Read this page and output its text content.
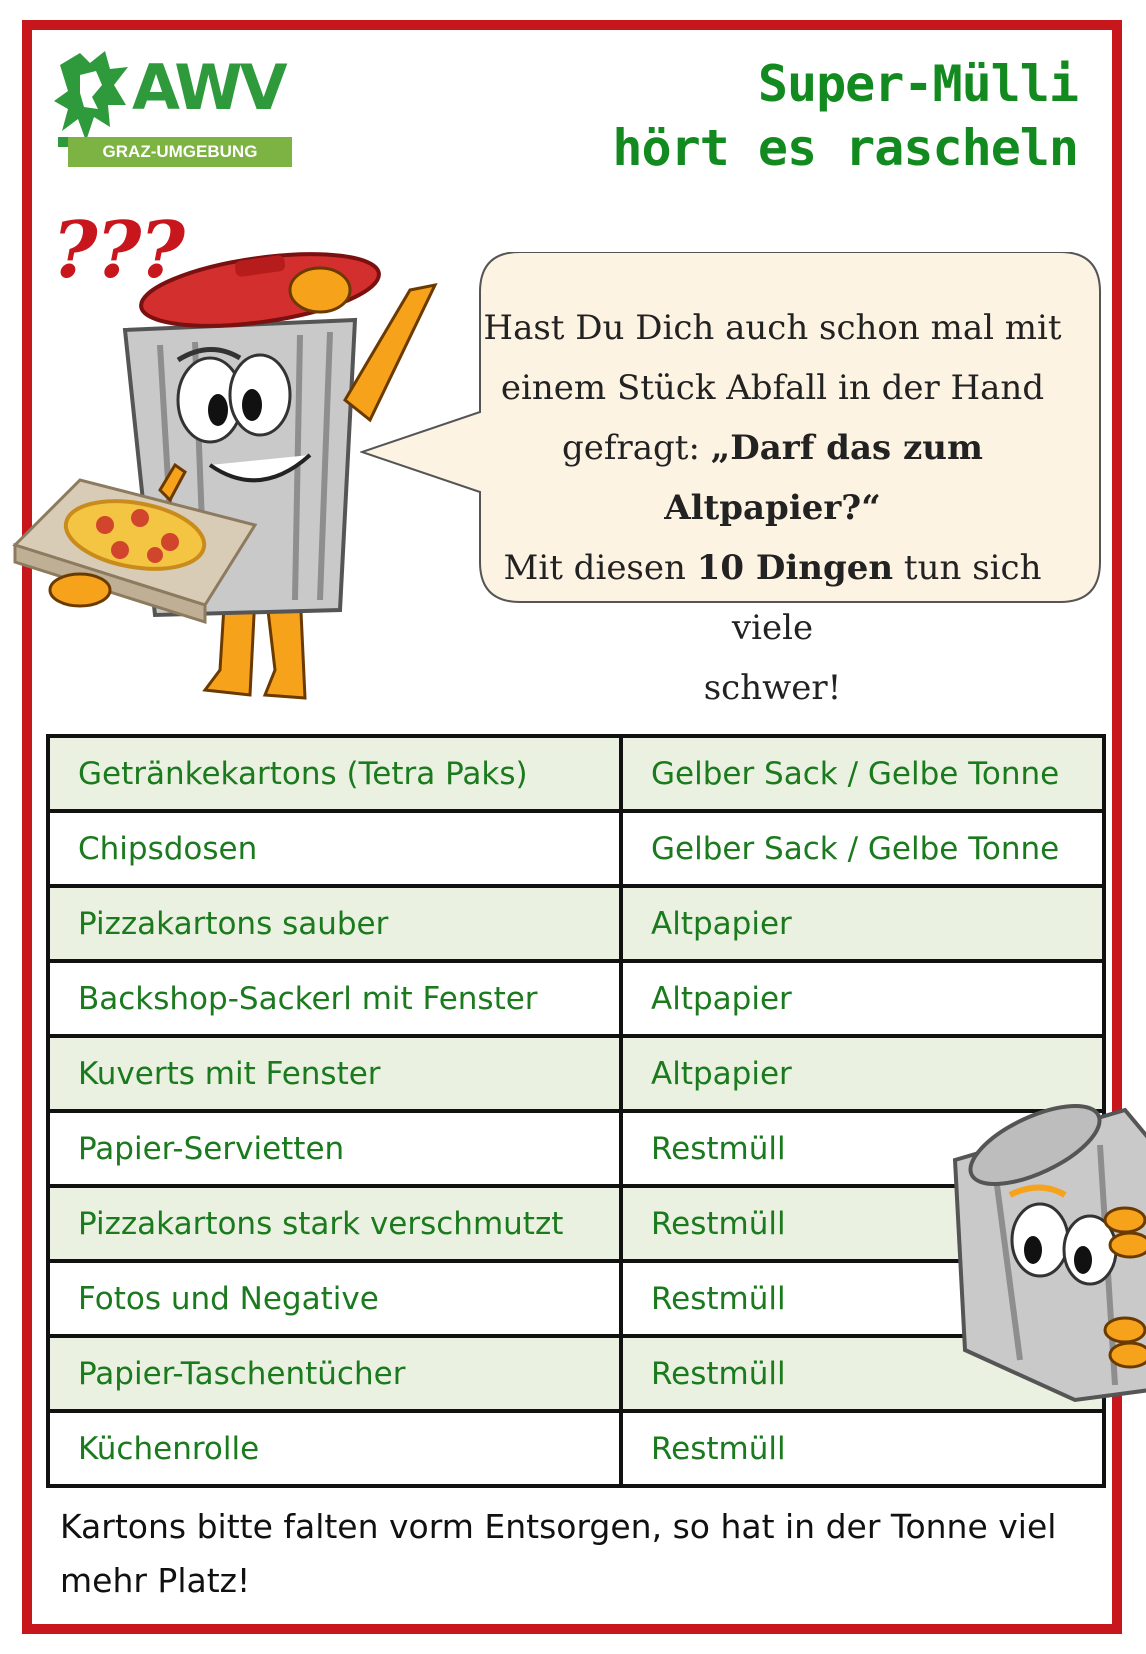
AWV
GRAZ-UMGEBUNG
Super-Mülli
hört es rascheln
???
Hast Du Dich auch schon mal mit
einem Stück Abfall in der Hand
gefragt: „Darf das zum Altpapier?“
Mit diesen 10 Dingen tun sich viele
schwer!
Getränkekartons (Tetra Paks)	Gelber Sack / Gelbe Tonne
Chipsdosen	Gelber Sack / Gelbe Tonne
Pizzakartons sauber	Altpapier
Backshop-Sackerl mit Fenster	Altpapier
Kuverts mit Fenster	Altpapier
Papier-Servietten	Restmüll
Pizzakartons stark verschmutzt	Restmüll
Fotos und Negative	Restmüll
Papier-Taschentücher	Restmüll
Küchenrolle	Restmüll
Kartons bitte falten vorm Entsorgen, so hat in der Tonne viel mehr Platz!
